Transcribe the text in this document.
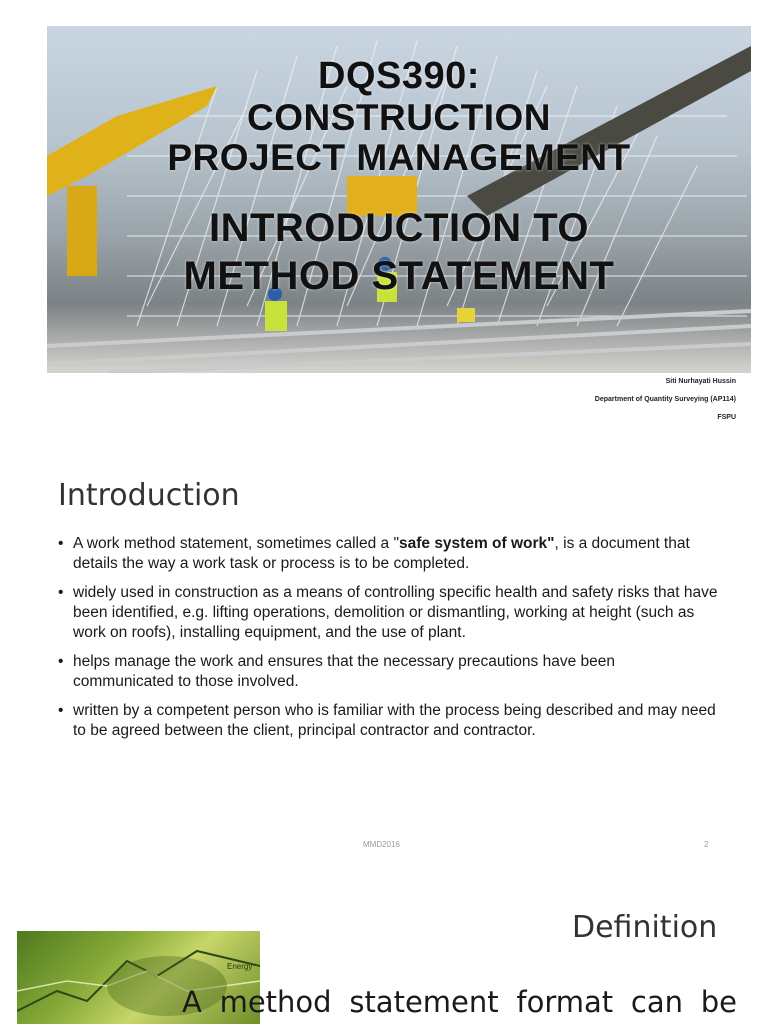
DQS390:
CONSTRUCTION
PROJECT MANAGEMENT
INTRODUCTION TO
METHOD STATEMENT
Siti Nurhayati Hussin
Department of Quantity Surveying (AP114)
FSPU
Introduction
• A work method statement, sometimes called a "safe system of work", is a document that details the way a work task or process is to be completed.
• widely used in construction as a means of controlling specific health and safety risks that have been identified, e.g. lifting operations, demolition or dismantling, working at height (such as work on roofs), installing equipment, and the use of plant.
• helps manage the work and ensures that the necessary precautions have been communicated to those involved.
• written by a competent person who is familiar with the process being described and may need to be agreed between the client, principal contractor and contractor.
MMD2016	2
Energy
Definition
A method statement format can be
